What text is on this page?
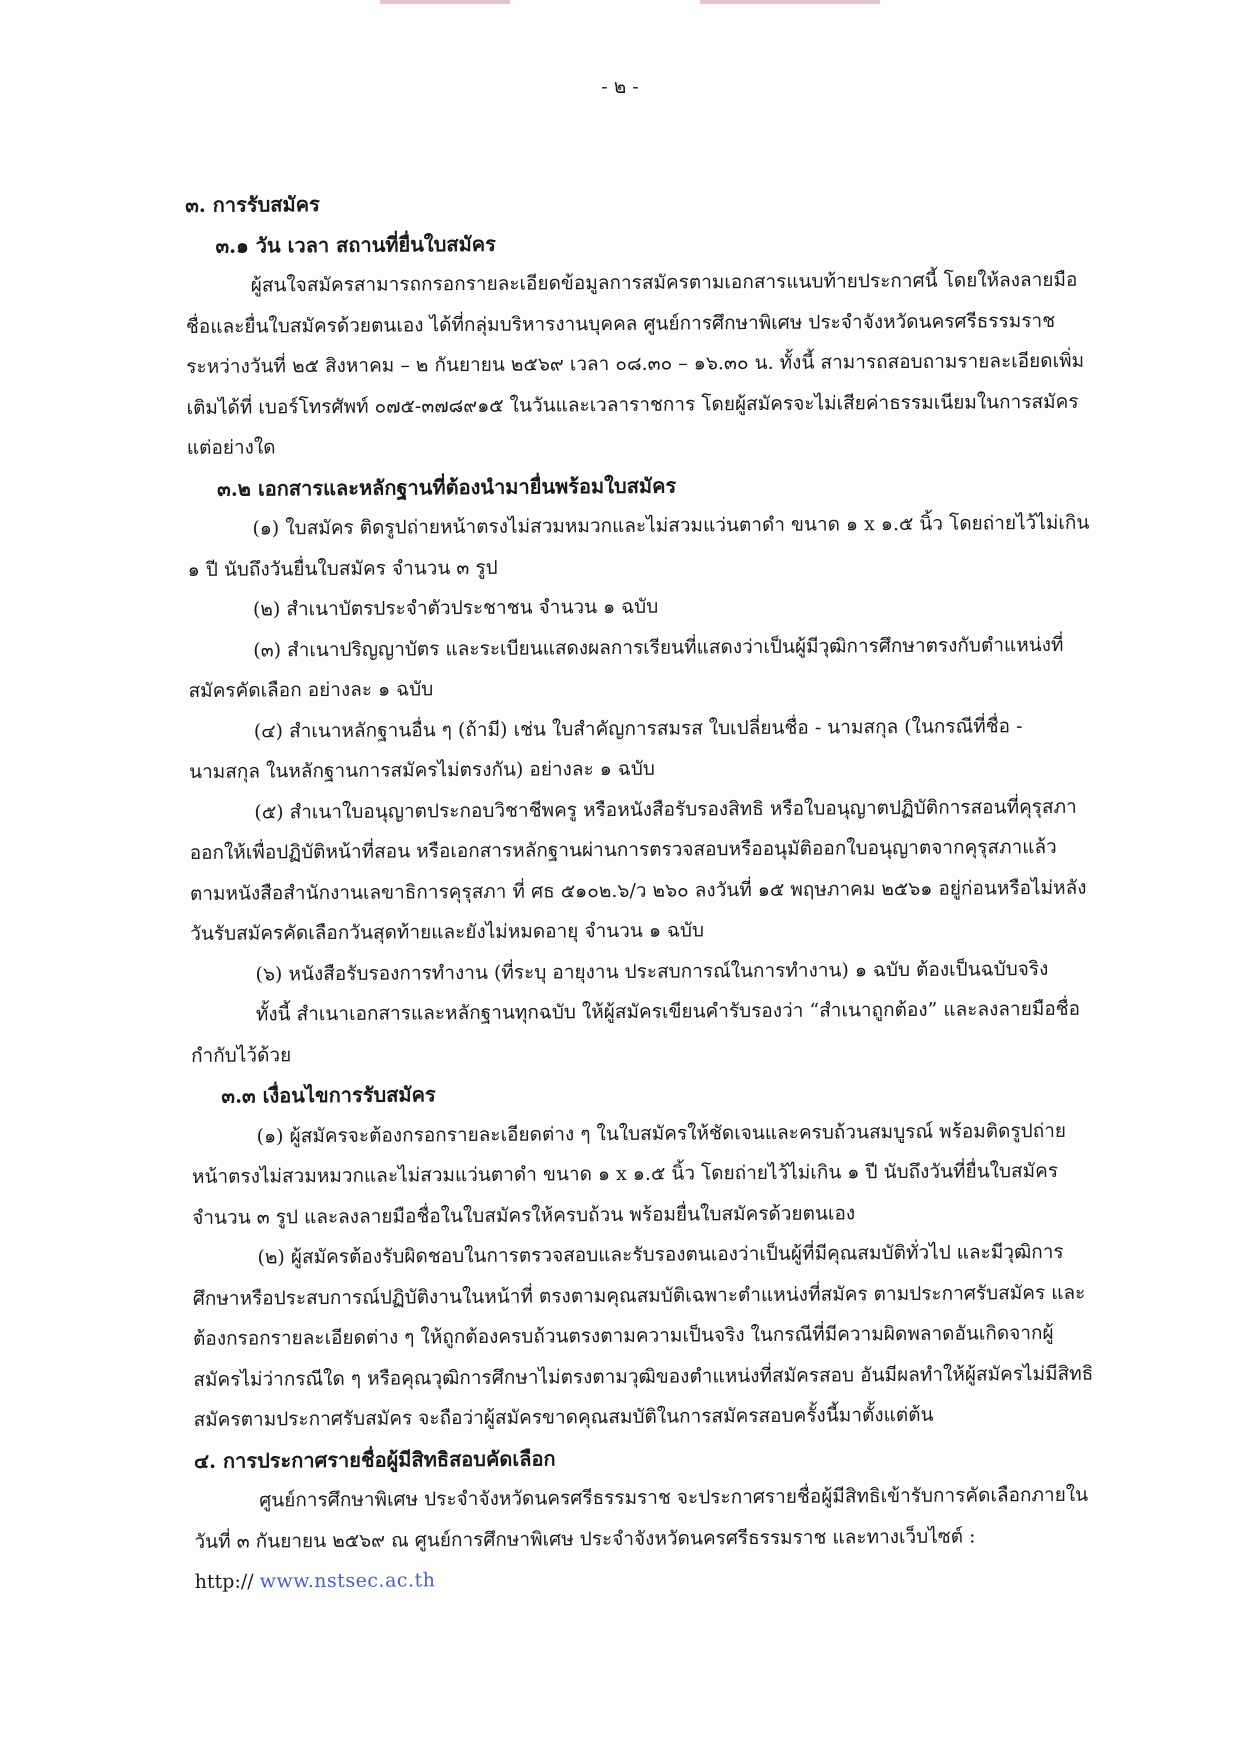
- ๒ -

๓. การรับสมัคร

๓.๑ วัน เวลา สถานที่ยื่นใบสมัคร

ผู้สนใจสมัครสามารถกรอกรายละเอียดข้อมูลการสมัครตามเอกสารแนบท้ายประกาศนี้ โดยให้ลงลายมือชื่อและยื่นใบสมัครด้วยตนเอง ได้ที่กลุ่มบริหารงานบุคคล ศูนย์การศึกษาพิเศษ ประจำจังหวัดนครศรีธรรมราช ระหว่างวันที่ ๒๕ สิงหาคม – ๒ กันยายน ๒๕๖๙ เวลา ๐๘.๓๐ – ๑๖.๓๐ น. ทั้งนี้ สามารถสอบถามรายละเอียดเพิ่มเติมได้ที่ เบอร์โทรศัพท์ ๐๗๕-๓๗๘๙๑๕ ในวันและเวลาราชการ โดยผู้สมัครจะไม่เสียค่าธรรมเนียมในการสมัครแต่อย่างใด

๓.๒ เอกสารและหลักฐานที่ต้องนำมายื่นพร้อมใบสมัคร

(๑) ใบสมัคร ติดรูปถ่ายหน้าตรงไม่สวมหมวกและไม่สวมแว่นตาดำ ขนาด ๑ x ๑.๕ นิ้ว โดยถ่ายไว้ไม่เกิน ๑ ปี นับถึงวันยื่นใบสมัคร จำนวน ๓ รูป

(๒) สำเนาบัตรประจำตัวประชาชน จำนวน ๑ ฉบับ

(๓) สำเนาปริญญาบัตร และระเบียนแสดงผลการเรียนที่แสดงว่าเป็นผู้มีวุฒิการศึกษาตรงกับตำแหน่งที่สมัครคัดเลือก อย่างละ ๑ ฉบับ

(๔) สำเนาหลักฐานอื่น ๆ (ถ้ามี) เช่น ใบสำคัญการสมรส ใบเปลี่ยนชื่อ - นามสกุล (ในกรณีที่ชื่อ - นามสกุล ในหลักฐานการสมัครไม่ตรงกัน) อย่างละ ๑ ฉบับ

(๕) สำเนาใบอนุญาตประกอบวิชาชีพครู หรือหนังสือรับรองสิทธิ หรือใบอนุญาตปฏิบัติการสอนที่คุรุสภาออกให้เพื่อปฏิบัติหน้าที่สอน หรือเอกสารหลักฐานผ่านการตรวจสอบหรืออนุมัติออกใบอนุญาตจากคุรุสภาแล้ว ตามหนังสือสำนักงานเลขาธิการคุรุสภา ที่ ศธ ๕๑๐๒.๖/ว ๒๖๐ ลงวันที่ ๑๕ พฤษภาคม ๒๕๖๑ อยู่ก่อนหรือไม่หลังวันรับสมัครคัดเลือกวันสุดท้ายและยังไม่หมดอายุ จำนวน ๑ ฉบับ

(๖) หนังสือรับรองการทำงาน (ที่ระบุ อายุงาน ประสบการณ์ในการทำงาน) ๑ ฉบับ ต้องเป็นฉบับจริง

ทั้งนี้ สำเนาเอกสารและหลักฐานทุกฉบับ ให้ผู้สมัครเขียนคำรับรองว่า “สำเนาถูกต้อง” และลงลายมือชื่อกำกับไว้ด้วย

๓.๓ เงื่อนไขการรับสมัคร

(๑) ผู้สมัครจะต้องกรอกรายละเอียดต่าง ๆ ในใบสมัครให้ชัดเจนและครบถ้วนสมบูรณ์ พร้อมติดรูปถ่ายหน้าตรงไม่สวมหมวกและไม่สวมแว่นตาดำ ขนาด ๑ x ๑.๕ นิ้ว โดยถ่ายไว้ไม่เกิน ๑ ปี นับถึงวันที่ยื่นใบสมัคร จำนวน ๓ รูป และลงลายมือชื่อในใบสมัครให้ครบถ้วน พร้อมยื่นใบสมัครด้วยตนเอง

(๒) ผู้สมัครต้องรับผิดชอบในการตรวจสอบและรับรองตนเองว่าเป็นผู้ที่มีคุณสมบัติทั่วไป และมีวุฒิการศึกษาหรือประสบการณ์ปฏิบัติงานในหน้าที่ ตรงตามคุณสมบัติเฉพาะตำแหน่งที่สมัคร ตามประกาศรับสมัคร และต้องกรอกรายละเอียดต่าง ๆ ให้ถูกต้องครบถ้วนตรงตามความเป็นจริง ในกรณีที่มีความผิดพลาดอันเกิดจากผู้สมัครไม่ว่ากรณีใด ๆ หรือคุณวุฒิการศึกษาไม่ตรงตามวุฒิของตำแหน่งที่สมัครสอบ อันมีผลทำให้ผู้สมัครไม่มีสิทธิสมัครตามประกาศรับสมัคร จะถือว่าผู้สมัครขาดคุณสมบัติในการสมัครสอบครั้งนี้มาตั้งแต่ต้น

๔. การประกาศรายชื่อผู้มีสิทธิสอบคัดเลือก

ศูนย์การศึกษาพิเศษ ประจำจังหวัดนครศรีธรรมราช จะประกาศรายชื่อผู้มีสิทธิเข้ารับการคัดเลือกภายในวันที่ ๓ กันยายน ๒๕๖๙ ณ ศูนย์การศึกษาพิเศษ ประจำจังหวัดนครศรีธรรมราช และทางเว็บไซต์ :

http:// www.nstsec.ac.th
